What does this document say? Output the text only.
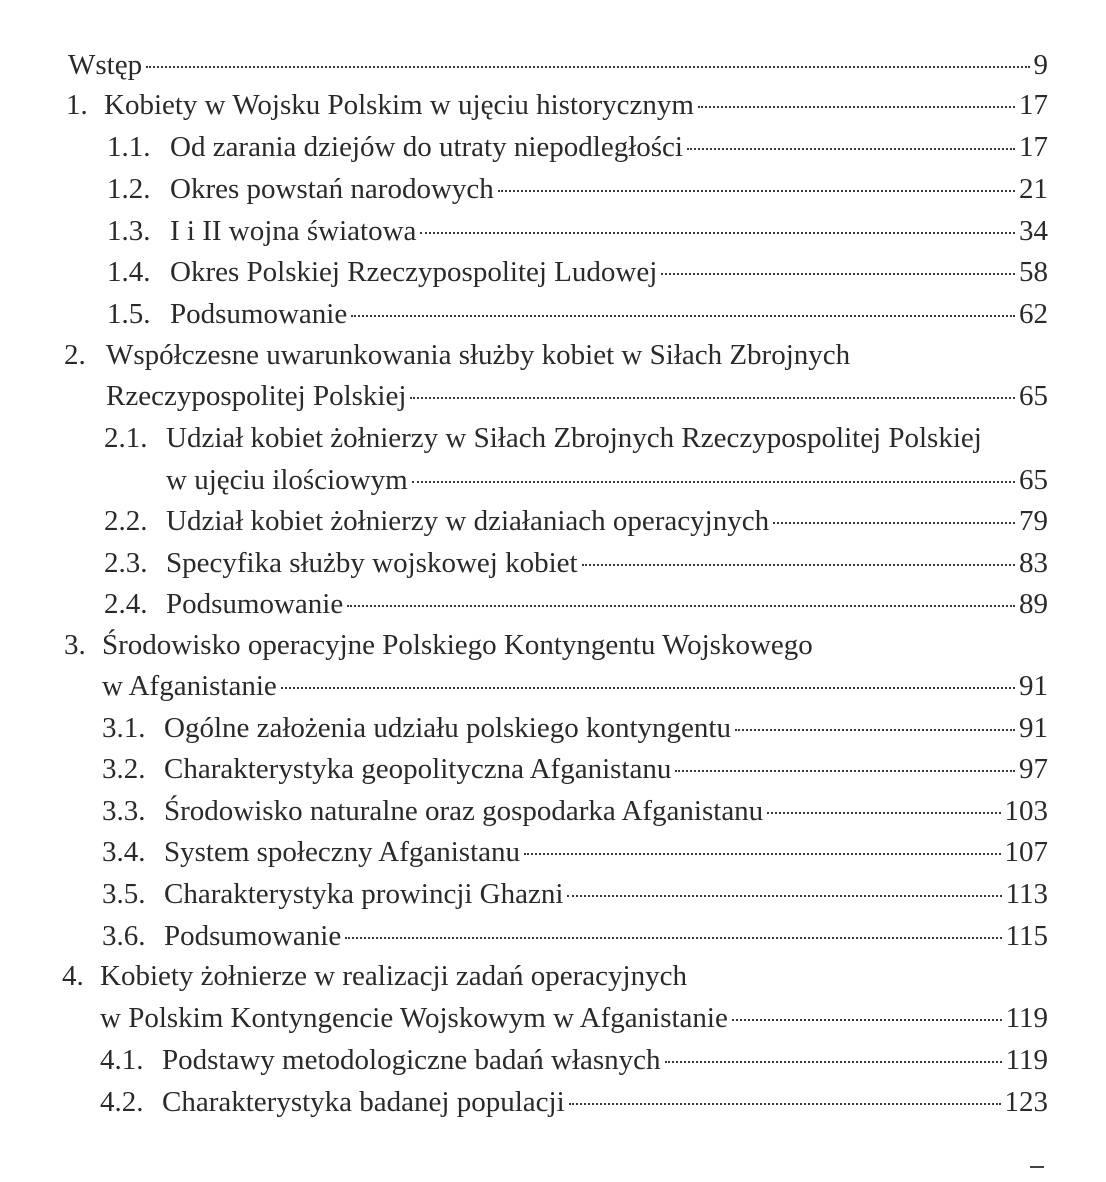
Wstęp	9
1. Kobiety w Wojsku Polskim w ujęciu historycznym	17
1.1. Od zarania dziejów do utraty niepodległości	17
1.2. Okres powstań narodowych	21
1.3. I i II wojna światowa	34
1.4. Okres Polskiej Rzeczypospolitej Ludowej	58
1.5. Podsumowanie	62
2. Współczesne uwarunkowania służby kobiet w Siłach Zbrojnych
Rzeczypospolitej Polskiej	65
2.1. Udział kobiet żołnierzy w Siłach Zbrojnych Rzeczypospolitej Polskiej
w ujęciu ilościowym	65
2.2. Udział kobiet żołnierzy w działaniach operacyjnych	79
2.3. Specyfika służby wojskowej kobiet	83
2.4. Podsumowanie	89
3. Środowisko operacyjne Polskiego Kontyngentu Wojskowego
w Afganistanie	91
3.1. Ogólne założenia udziału polskiego kontyngentu	91
3.2. Charakterystyka geopolityczna Afganistanu	97
3.3. Środowisko naturalne oraz gospodarka Afganistanu	103
3.4. System społeczny Afganistanu	107
3.5. Charakterystyka prowincji Ghazni	113
3.6. Podsumowanie	115
4. Kobiety żołnierze w realizacji zadań operacyjnych
w Polskim Kontyngencie Wojskowym w Afganistanie	119
4.1. Podstawy metodologiczne badań własnych	119
4.2. Charakterystyka badanej populacji	123
